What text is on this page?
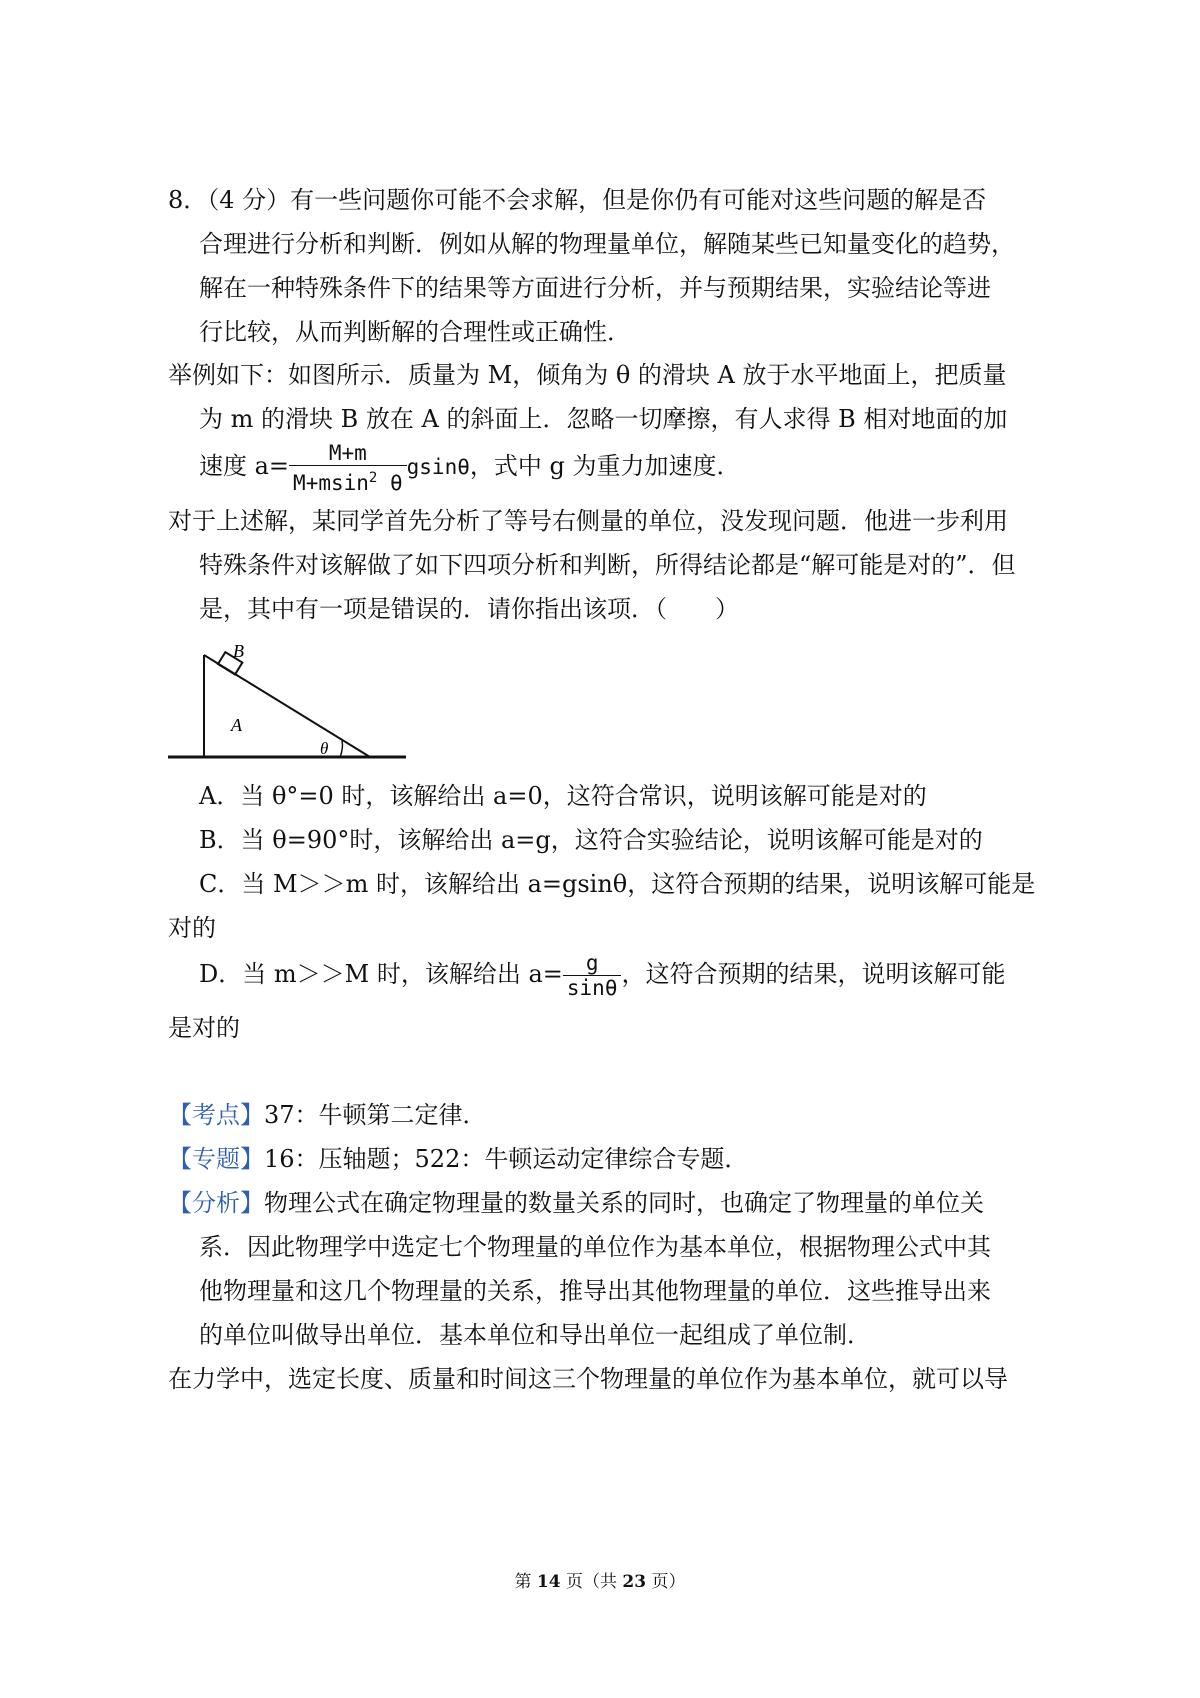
8．（4 分）有一些问题你可能不会求解，但是你仍有可能对这些问题的解是否
合理进行分析和判断．例如从解的物理量单位，解随某些已知量变化的趋势，
解在一种特殊条件下的结果等方面进行分析，并与预期结果，实验结论等进
行比较，从而判断解的合理性或正确性．
举例如下：如图所示．质量为 M，倾角为 θ 的滑块 A 放于水平地面上，把质量
为 m 的滑块 B 放在 A 的斜面上．忽略一切摩擦，有人求得 B 相对地面的加
速度 $a= \frac{M+m}{M+msin^2 \theta}$ gsinθ，式中 g 为重力加速度．
对于上述解，某同学首先分析了等号右侧量的单位，没发现问题．他进一步利用
特殊条件对该解做了如下四项分析和判断，所得结论都是“解可能是对的”．但
是，其中有一项是错误的．请你指出该项．（　　）
B
A
θ
A．当 θ°=0 时，该解给出 a=0，这符合常识，说明该解可能是对的
B．当 θ=90°时，该解给出 a=g，这符合实验结论，说明该解可能是对的
C．当 M＞＞m 时，该解给出 a=gsinθ，这符合预期的结果，说明该解可能是
对的
D．当 m＞＞M 时，该解给出 $a= \frac{g}{\sin\theta}$ ，这符合预期的结果，说明该解可能
是对的
【考点】37：牛顿第二定律．
【专题】16：压轴题；522：牛顿运动定律综合专题．
【分析】物理公式在确定物理量的数量关系的同时，也确定了物理量的单位关
系．因此物理学中选定七个物理量的单位作为基本单位，根据物理公式中其
他物理量和这几个物理量的关系，推导出其他物理量的单位．这些推导出来
的单位叫做导出单位．基本单位和导出单位一起组成了单位制．
在力学中，选定长度、质量和时间这三个物理量的单位作为基本单位，就可以导
第 14 页（共 23 页）
